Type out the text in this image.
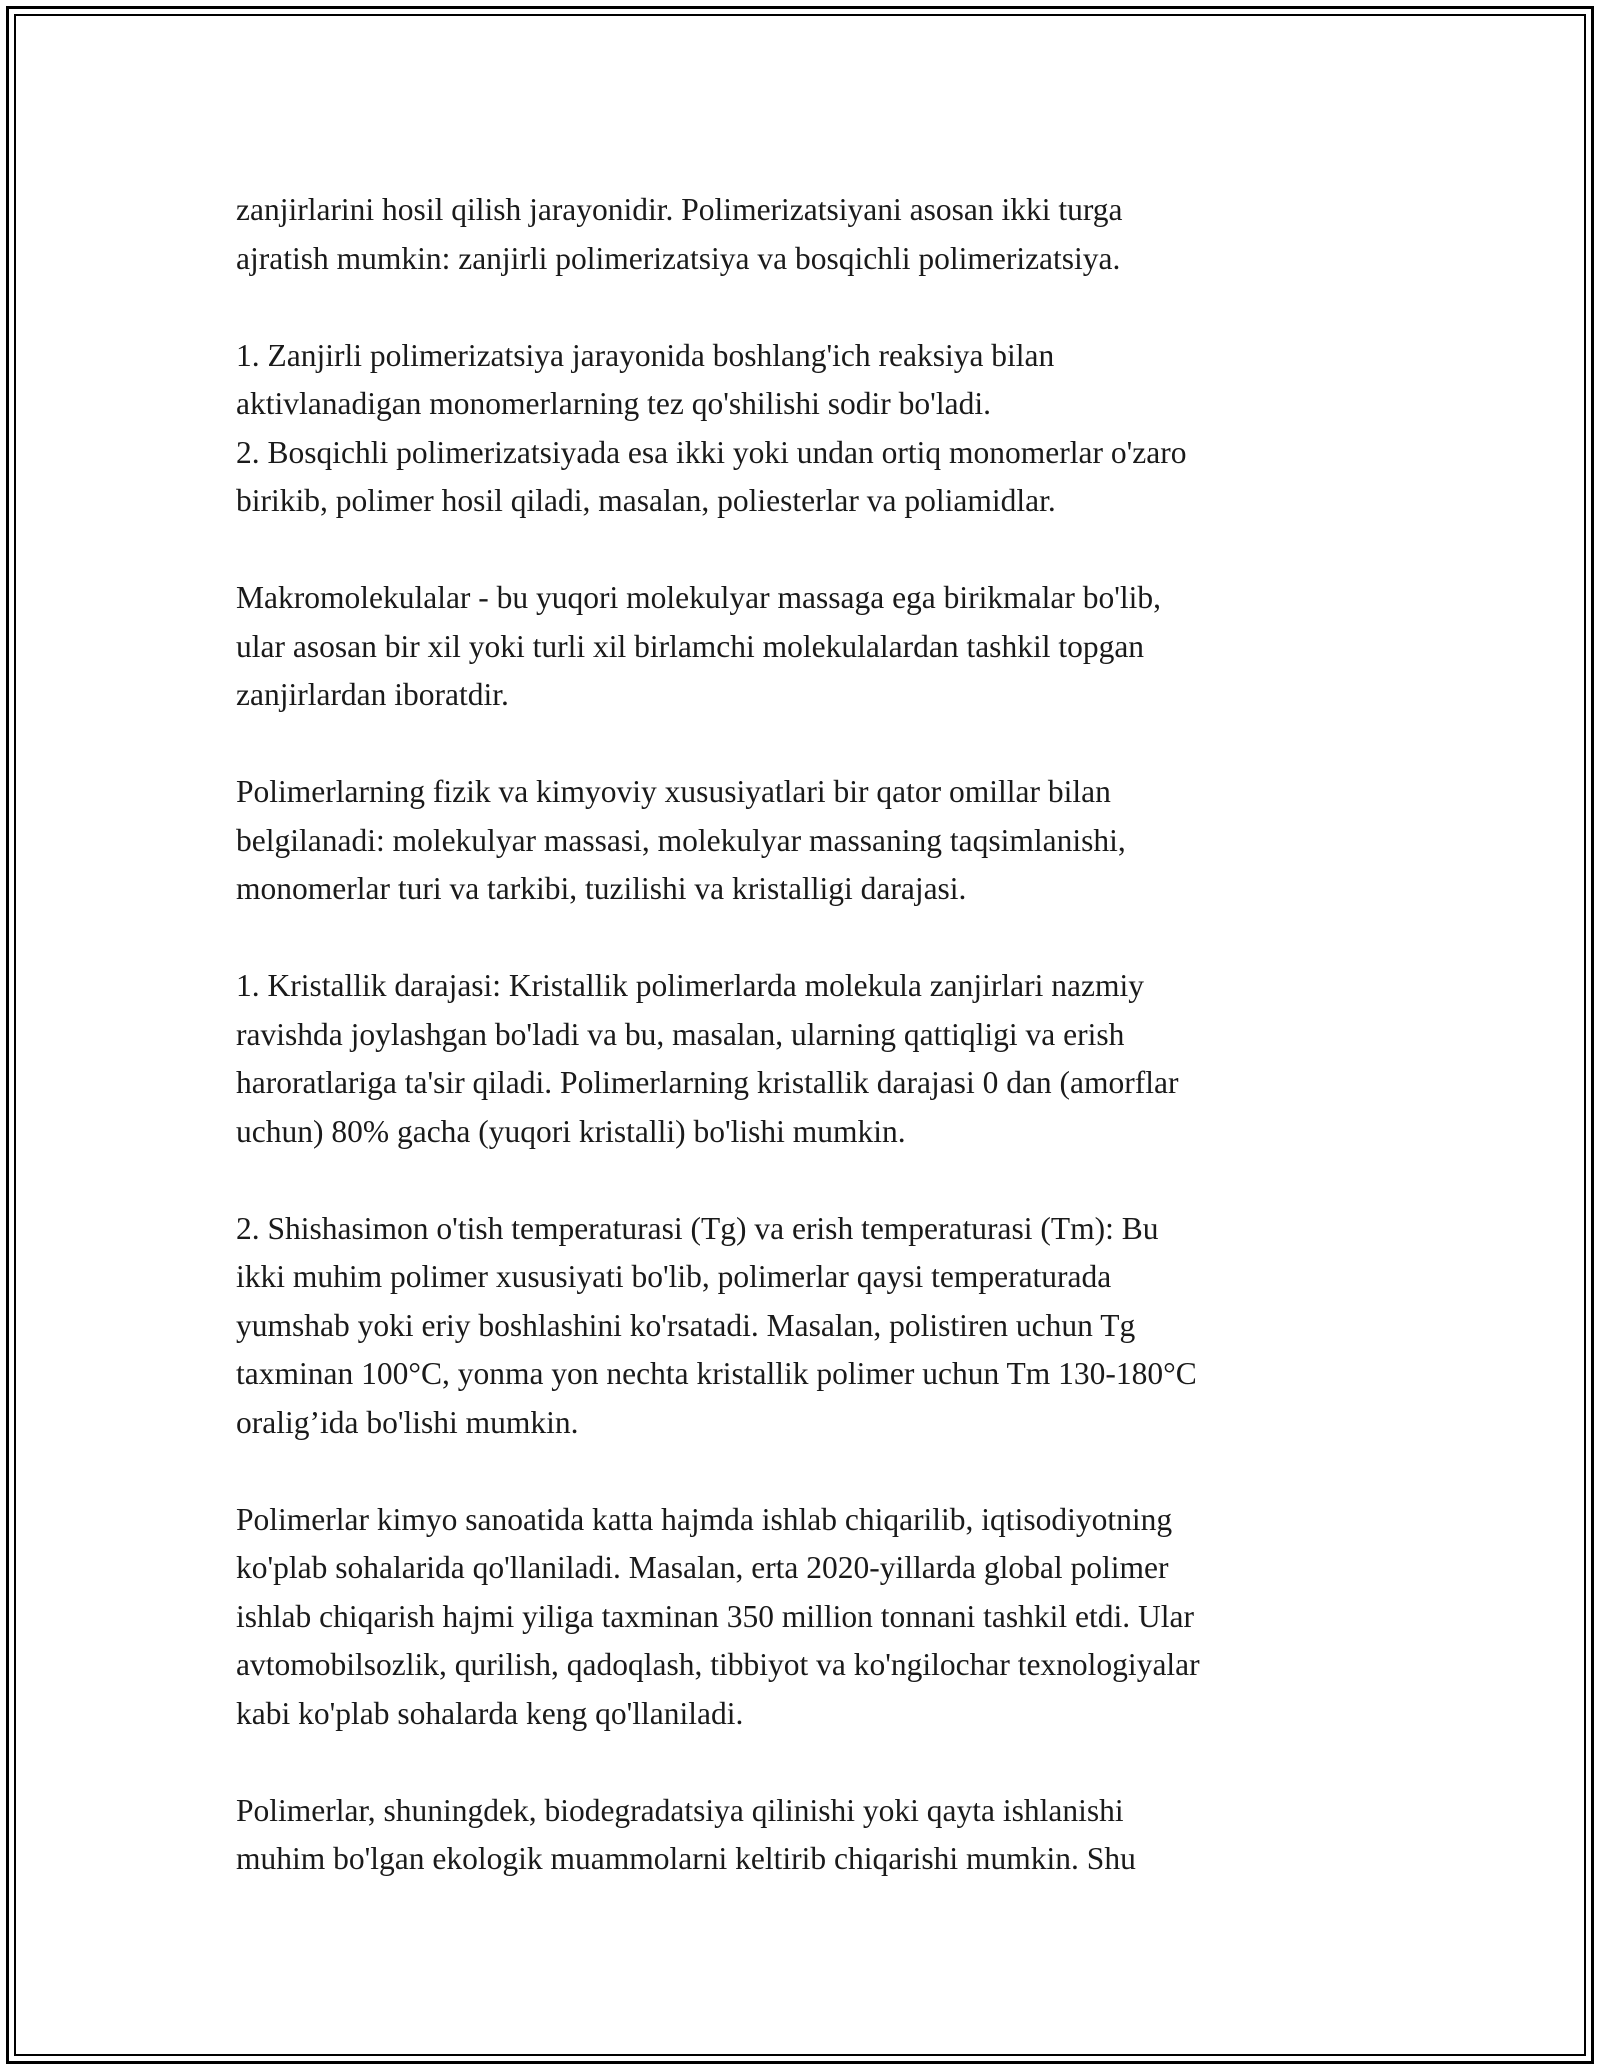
zanjirlarini hosil qilish jarayonidir. Polimerizatsiyani asosan ikki turga
ajratish mumkin: zanjirli polimerizatsiya va bosqichli polimerizatsiya.

1. Zanjirli polimerizatsiya jarayonida boshlang'ich reaksiya bilan
aktivlanadigan monomerlarning tez qo'shilishi sodir bo'ladi.
2. Bosqichli polimerizatsiyada esa ikki yoki undan ortiq monomerlar o'zaro
birikib, polimer hosil qiladi, masalan, poliesterlar va poliamidlar.

Makromolekulalar - bu yuqori molekulyar massaga ega birikmalar bo'lib,
ular asosan bir xil yoki turli xil birlamchi molekulalardan tashkil topgan
zanjirlardan iboratdir.

Polimerlarning fizik va kimyoviy xususiyatlari bir qator omillar bilan
belgilanadi: molekulyar massasi, molekulyar massaning taqsimlanishi,
monomerlar turi va tarkibi, tuzilishi va kristalligi darajasi.

1. Kristallik darajasi: Kristallik polimerlarda molekula zanjirlari nazmiy
ravishda joylashgan bo'ladi va bu, masalan, ularning qattiqligi va erish
haroratlariga ta'sir qiladi. Polimerlarning kristallik darajasi 0 dan (amorflar
uchun) 80% gacha (yuqori kristalli) bo'lishi mumkin.

2. Shishasimon o'tish temperaturasi (Tg) va erish temperaturasi (Tm): Bu
ikki muhim polimer xususiyati bo'lib, polimerlar qaysi temperaturada
yumshab yoki eriy boshlashini ko'rsatadi. Masalan, polistiren uchun Tg
taxminan 100°C, yonma yon nechta kristallik polimer uchun Tm 130-180°C
oralig’ida bo'lishi mumkin.

Polimerlar kimyo sanoatida katta hajmda ishlab chiqarilib, iqtisodiyotning
ko'plab sohalarida qo'llaniladi. Masalan, erta 2020-yillarda global polimer
ishlab chiqarish hajmi yiliga taxminan 350 million tonnani tashkil etdi. Ular
avtomobilsozlik, qurilish, qadoqlash, tibbiyot va ko'ngilochar texnologiyalar
kabi ko'plab sohalarda keng qo'llaniladi.

Polimerlar, shuningdek, biodegradatsiya qilinishi yoki qayta ishlanishi
muhim bo'lgan ekologik muammolarni keltirib chiqarishi mumkin. Shu
